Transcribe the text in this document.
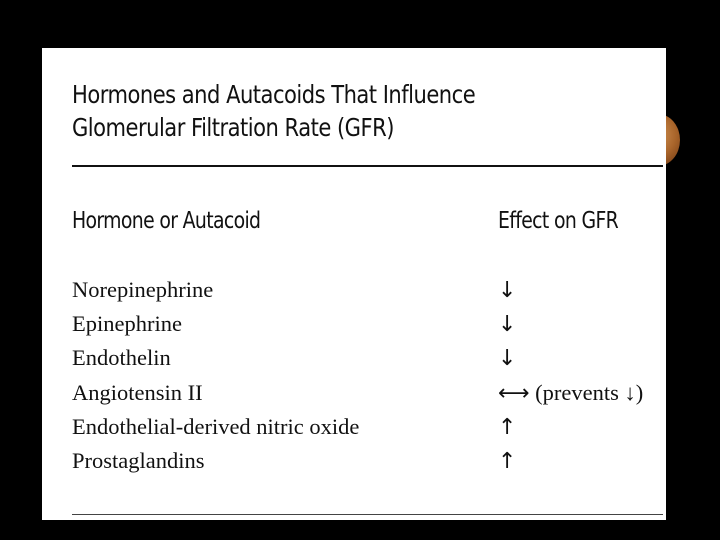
Hormones and Autacoids That Influence Glomerular Filtration Rate (GFR)
Hormone or Autacoid	Effect on GFR
Norepinephrine	↓
Epinephrine	↓
Endothelin	↓
Angiotensin II	⟷ (prevents ↓)
Endothelial-derived nitric oxide	↑
Prostaglandins	↑
